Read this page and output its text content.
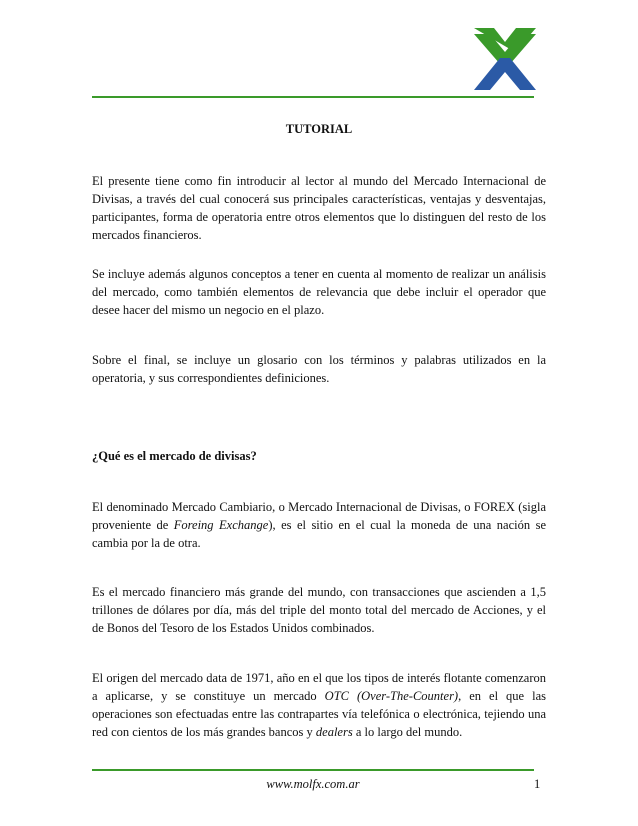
TUTORIAL

El presente tiene como fin introducir al lector al mundo del Mercado Internacional de Divisas, a través del cual conocerá sus principales características, ventajas y desventajas, participantes, forma de operatoria entre otros elementos que lo distinguen del resto de los mercados financieros.

Se incluye además algunos conceptos a tener en cuenta al momento de realizar un análisis del mercado, como también elementos de relevancia que debe incluir el operador que desee hacer del mismo un negocio en el plazo.

Sobre el final, se incluye un glosario con los términos y palabras utilizados en la operatoria, y sus correspondientes definiciones.

¿Qué es el mercado de divisas?

El denominado Mercado Cambiario, o Mercado Internacional de Divisas, o FOREX (sigla proveniente de Foreing Exchange), es el sitio en el cual la moneda de una nación se cambia por la de otra.

Es el mercado financiero más grande del mundo, con transacciones que ascienden a 1,5 trillones de dólares por día, más del triple del monto total del mercado de Acciones, y el de Bonos del Tesoro de los Estados Unidos combinados.

El origen del mercado data de 1971, año en el que los tipos de interés flotante comenzaron a aplicarse, y se constituye un mercado OTC (Over-The-Counter), en el que las operaciones son efectuadas entre las contrapartes vía telefónica o electrónica, tejiendo una red con cientos de los más grandes bancos y dealers a lo largo del mundo.

www.molfx.com.ar	1
